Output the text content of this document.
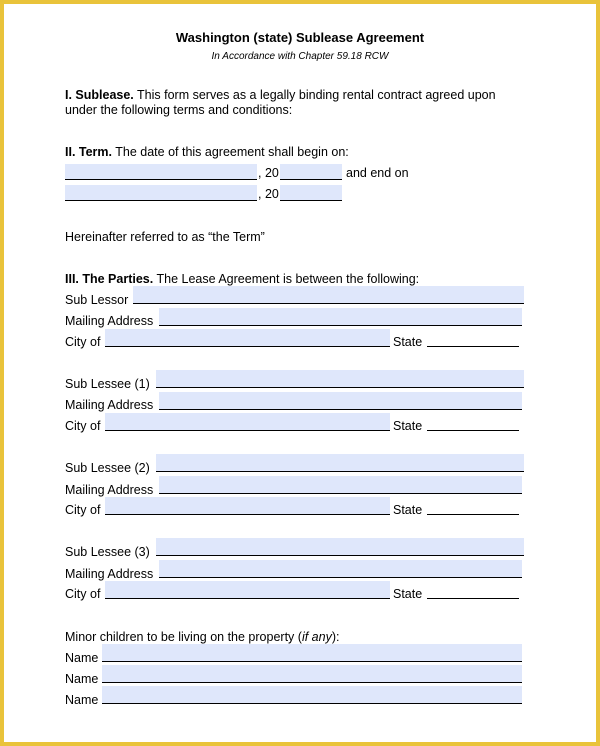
Washington (state) Sublease Agreement
In Accordance with Chapter 59.18 RCW
I. Sublease. This form serves as a legally binding rental contract agreed upon
under the following terms and conditions:
II. Term. The date of this agreement shall begin on:
, 20	and end on
, 20
Hereinafter referred to as “the Term”
III. The Parties. The Lease Agreement is between the following:
Sub Lessor
Mailing Address
City of	State
Sub Lessee (1)
Mailing Address
City of	State
Sub Lessee (2)
Mailing Address
City of	State
Sub Lessee (3)
Mailing Address
City of	State
Minor children to be living on the property (if any):
Name
Name
Name
